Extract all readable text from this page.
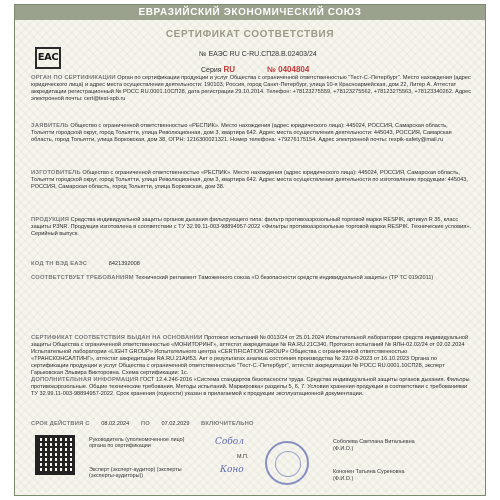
ЕВРАЗИЙСКИЙ ЭКОНОМИЧЕСКИЙ СОЮЗ
СЕРТИФИКАТ СООТВЕТСТВИЯ
ЕАС	№ ЕАЭС RU C-RU.СП28.В.02403/24
Серия RU	№ 0404804
ОРГАН ПО СЕРТИФИКАЦИИ Орган по сертификации продукции и услуг Общества с ограниченной ответственностью "Тест-С.-Петербург". Место нахождения (адрес юридического лица) и адрес места осуществления деятельности: 190103, Россия, город Санкт-Петербург, улица 10-я Красноармейская, дом 22, Литер А. Аттестат аккредитации регистрационный № РОСС RU.0001.10СП28, дата регистрации 29.10.2014. Телефон: +78123275559, +78123275562, +78123275563, +78123340262. Адрес электронной почты: cert@test-spb.ru
ЗАЯВИТЕЛЬ Общество с ограниченной ответственностью «РЕСПИК». Место нахождения (адрес юридического лица): 445024, РОССИЯ, Самарская область, Тольятти городской округ, город Тольятти, улица Революционная, дом 3, квартира 642. Адрес места осуществления деятельности: 445043, РОССИЯ, Самарская область, город Тольятти, улица Борковская, дом 38, ОГРН: 1216300021321. Номер телефона: +79276175154. Адрес электронной почты: respik-safety@mail.ru
ИЗГОТОВИТЕЛЬ Общество с ограниченной ответственностью «РЕСПИК». Место нахождения (адрес юридического лица): 445024, РОССИЯ, Самарская область, Тольятти городской округ, город Тольятти, улица Революционная, дом 3, квартира 642. Адрес места осуществления деятельности по изготовлению продукции: 445043, РОССИЯ, Самарская область, город Тольятти, улица Борковская, дом 38.
ПРОДУКЦИЯ Средства индивидуальной защиты органов дыхания фильтрующего типа: фильтр противоаэрозольный торговой марки RESPIK, артикул R 35, класс защиты P3NR. Продукция изготовлена в соответствии с ТУ 32.99.11-003-98894957-2022 «Фильтры противоаэрозольные торговой марки RESPIK. Технические условия». Серийный выпуск.
КОД ТН ВЭД ЕАЭС	8421392008
СООТВЕТСТВУЕТ ТРЕБОВАНИЯМ Технический регламент Таможенного союза «О безопасности средств индивидуальной защиты» (ТР ТС 019/2011)
СЕРТИФИКАТ СООТВЕТСТВИЯ ВЫДАН НА ОСНОВАНИИ Протокол испытаний № 0013/24 от 25.01.2024 Испытательной лаборатории средств индивидуальной защиты Общества с ограниченной ответственностью «МОНИТОРИНГ», аттестат аккредитации № RA.RU.21C340. Протокол испытаний № ЯЛН-02.02/24 от 02.02.2024 Испытательной лаборатории «LIGHT GROUP» Испытательного центра «CERTIFICATION GROUP» Общества с ограниченной ответственностью «ТРАНСКОНСАЛТИНГ», аттестат аккредитации RA.RU.21АИ53. Акт о результатах анализа состояния производства № 22/2-8-2023 от 16.10.2023 Органа по сертификации продукции и услуг Общества с ограниченной ответственностью "Тест-С.-Петербург", аттестат аккредитации № РОСС RU.0001.10СП28, эксперт Гарьковская Эльвира Викторовна. Схема сертификации: 1с.
ДОПОЛНИТЕЛЬНАЯ ИНФОРМАЦИЯ ГОСТ 12.4.246-2016 «Система стандартов безопасности труда. Средства индивидуальной защиты органов дыхания. Фильтры противоаэрозольные. Общие технические требования. Методы испытаний. Маркировка» разделы 5, 6, 7. Условия хранения продукции в соответствии с требованиями ТУ 32.99.11-003-98894957-2022. Срок хранения (годности) указан в прилагаемой к продукции эксплуатационной документации.
СРОК ДЕЙСТВИЯ С 08.02.2024 ПО 07.02.2029 ВКЛЮЧИТЕЛЬНО
Руководитель (уполномоченное лицо) органа по сертификации	Собол	Соболева Светлана Витальевна
(Ф.И.О.)
М.П.
Эксперт (эксперт-аудитор) (эксперты (эксперты-аудиторы))
Коно	Кононен Татьяна Суреновна
(Ф.И.О.)
